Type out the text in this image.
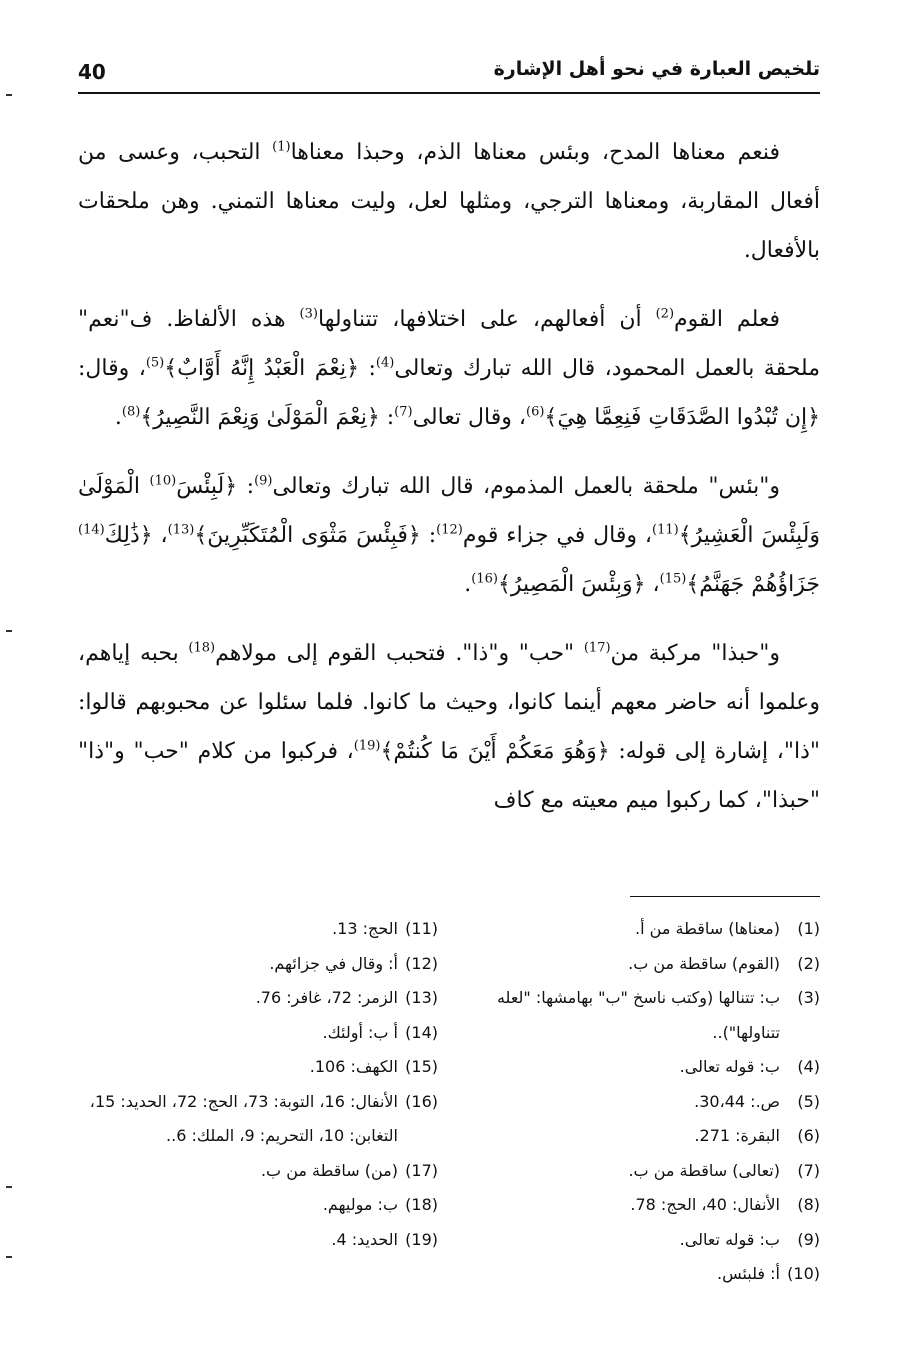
40	تلخيص العبارة في نحو أهل الإشارة

فنعم معناها المدح، وبئس معناها الذم، وحبذا معناها$^{(1)}$ التحبب، وعسى من أفعال المقاربة، ومعناها الترجي، ومثلها لعل، وليت معناها التمني. وهن ملحقات بالأفعال.

فعلم القوم$^{(2)}$ أن أفعالهم، على اختلافها، تتناولها$^{(3)}$ هذه الألفاظ. ف"نعم" ملحقة بالعمل المحمود، قال الله تبارك وتعالى$^{(4)}$: ﴿نِعْمَ الْعَبْدُ إِنَّهُ أَوَّابٌ﴾$^{(5)}$، وقال: ﴿إِن تُبْدُوا الصَّدَقَاتِ فَنِعِمَّا هِيَ﴾$^{(6)}$، وقال تعالى$^{(7)}$: ﴿نِعْمَ الْمَوْلَىٰ وَنِعْمَ النَّصِيرُ﴾$^{(8)}$.

و"بئس" ملحقة بالعمل المذموم، قال الله تبارك وتعالى$^{(9)}$: ﴿لَبِئْسَ$^{(10)}$ الْمَوْلَىٰ وَلَبِئْسَ الْعَشِيرُ﴾$^{(11)}$، وقال في جزاء قوم$^{(12)}$: ﴿فَبِئْسَ مَثْوَى الْمُتَكَبِّرِينَ﴾$^{(13)}$، ﴿ذَٰلِكَ$^{(14)}$ جَزَاؤُهُمْ جَهَنَّمُ﴾$^{(15)}$، ﴿وَبِئْسَ الْمَصِيرُ﴾$^{(16)}$.

و"حبذا" مركبة من$^{(17)}$ "حب" و"ذا". فتحبب القوم إلى مولاهم$^{(18)}$ بحبه إياهم، وعلموا أنه حاضر معهم أينما كانوا، وحيث ما كانوا. فلما سئلوا عن محبوبهم قالوا: "ذا"، إشارة إلى قوله: ﴿وَهُوَ مَعَكُمْ أَيْنَ مَا كُنتُمْ﴾$^{(19)}$، فركبوا من كلام "حب" و"ذا" "حبذا"، كما ركبوا ميم معيته مع كاف

(1)
(معناها) ساقطة من أ.
(2)
(القوم) ساقطة من ب.
(3)
ب: تتنالها (وكتب ناسخ "ب" بهامشها: "لعله تتناولها")..
(4)
ب: قوله تعالى.
(5)
ص.: 30،44.
(6)
البقرة: 271.
(7)
(تعالى) ساقطة من ب.
(8)
الأنفال: 40، الحج: 78.
(9)
ب: قوله تعالى.
(10)
أ: فلبئس.
(11)
الحج: 13.
(12)
أ: وقال في جزائهم.
(13)
الزمر: 72، غافر: 76.
(14)
أ ب: أولئك.
(15)
الكهف: 106.
(16)
الأنفال: 16، التوبة: 73، الحج: 72، الحديد: 15، التغابن: 10، التحريم: 9، الملك: 6..
(17)
(من) ساقطة من ب.
(18)
ب: موليهم.
(19)
الحديد: 4.
